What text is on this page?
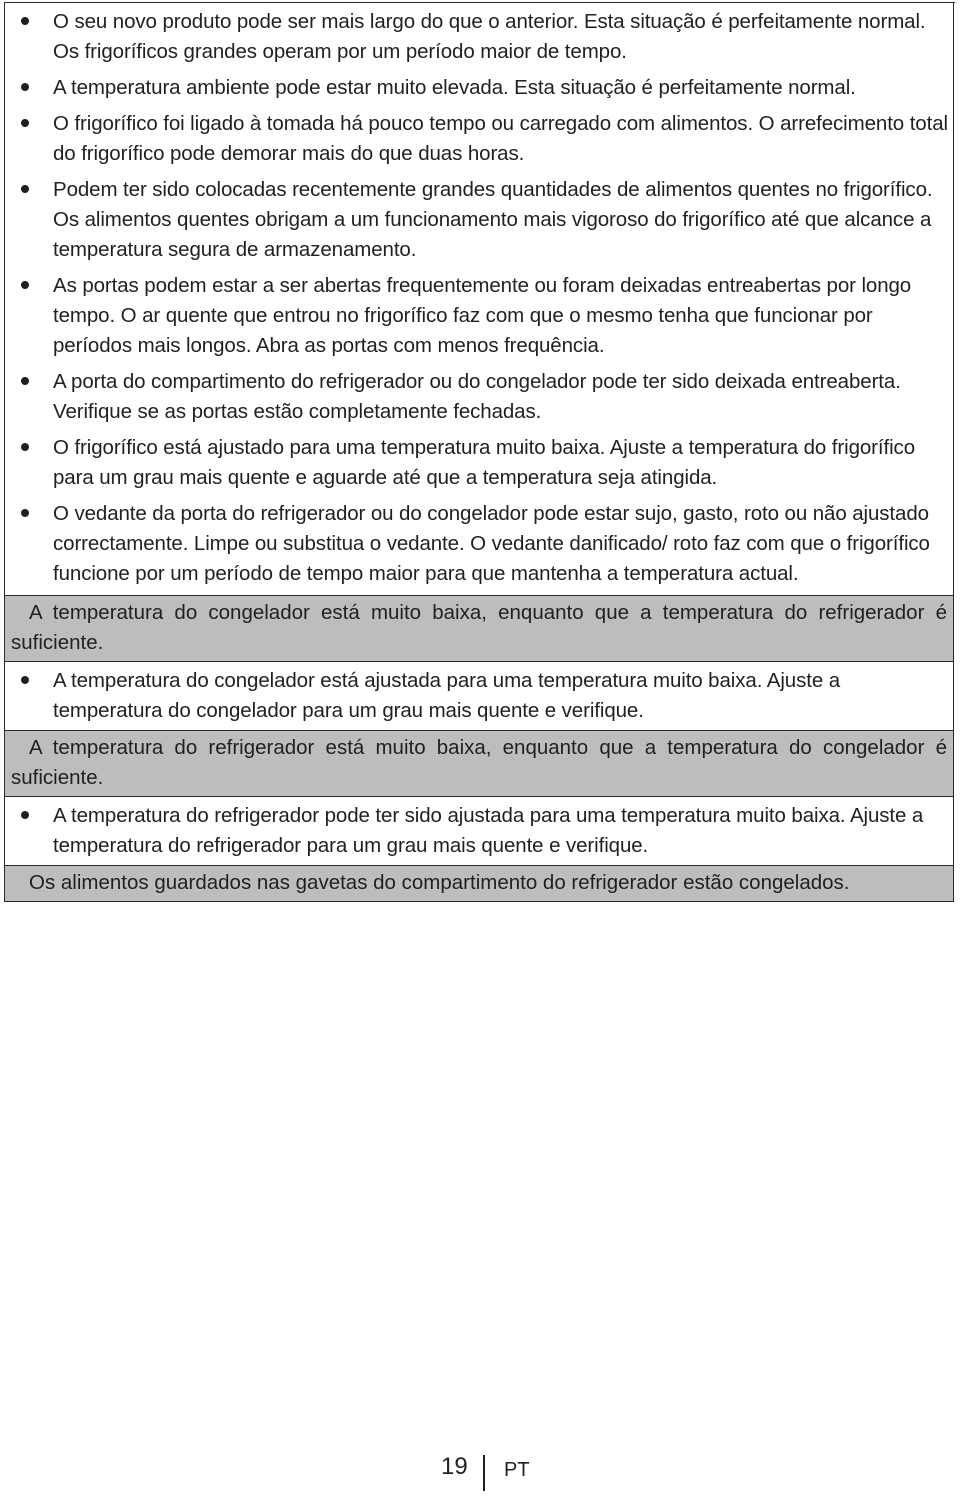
O seu novo produto pode ser mais largo do que o anterior. Esta situação é perfeitamente normal. Os frigoríficos grandes operam por um período maior de tempo.
A temperatura ambiente pode estar muito elevada. Esta situação é perfeitamente normal.
O frigorífico foi ligado à tomada há pouco tempo ou carregado com alimentos. O arrefecimento total do frigorífico pode demorar mais do que duas horas.
Podem ter sido colocadas recentemente grandes quantidades de alimentos quentes no frigorífico. Os alimentos quentes obrigam a um funcionamento mais vigoroso do frigorífico até que alcance a temperatura segura de armazenamento.
As portas podem estar a ser abertas frequentemente ou foram deixadas entreabertas por longo tempo. O ar quente que entrou no frigorífico faz com que o mesmo tenha que funcionar por períodos mais longos. Abra as portas com menos frequência.
A porta do compartimento do refrigerador ou do congelador pode ter sido deixada entreaberta. Verifique se as portas estão completamente fechadas.
O frigorífico está ajustado para uma temperatura muito baixa. Ajuste a temperatura do frigorífico para um grau mais quente e aguarde até que a temperatura seja atingida.
O vedante da porta do refrigerador ou do congelador pode estar sujo, gasto, roto ou não ajustado correctamente. Limpe ou substitua o vedante. O vedante danificado/ roto faz com que o frigorífico funcione por um período de tempo maior para que mantenha a temperatura actual.
A temperatura do congelador está muito baixa, enquanto que a temperatura do refrigerador é suficiente.
A temperatura do congelador está ajustada para uma temperatura muito baixa. Ajuste a temperatura do congelador para um grau mais quente e verifique.
A temperatura do refrigerador está muito baixa, enquanto que a temperatura do congelador é suficiente.
A temperatura do refrigerador pode ter sido ajustada para uma temperatura muito baixa. Ajuste a temperatura do refrigerador para um grau mais quente e verifique.
Os alimentos guardados nas gavetas do compartimento do refrigerador estão congelados.
19 PT
